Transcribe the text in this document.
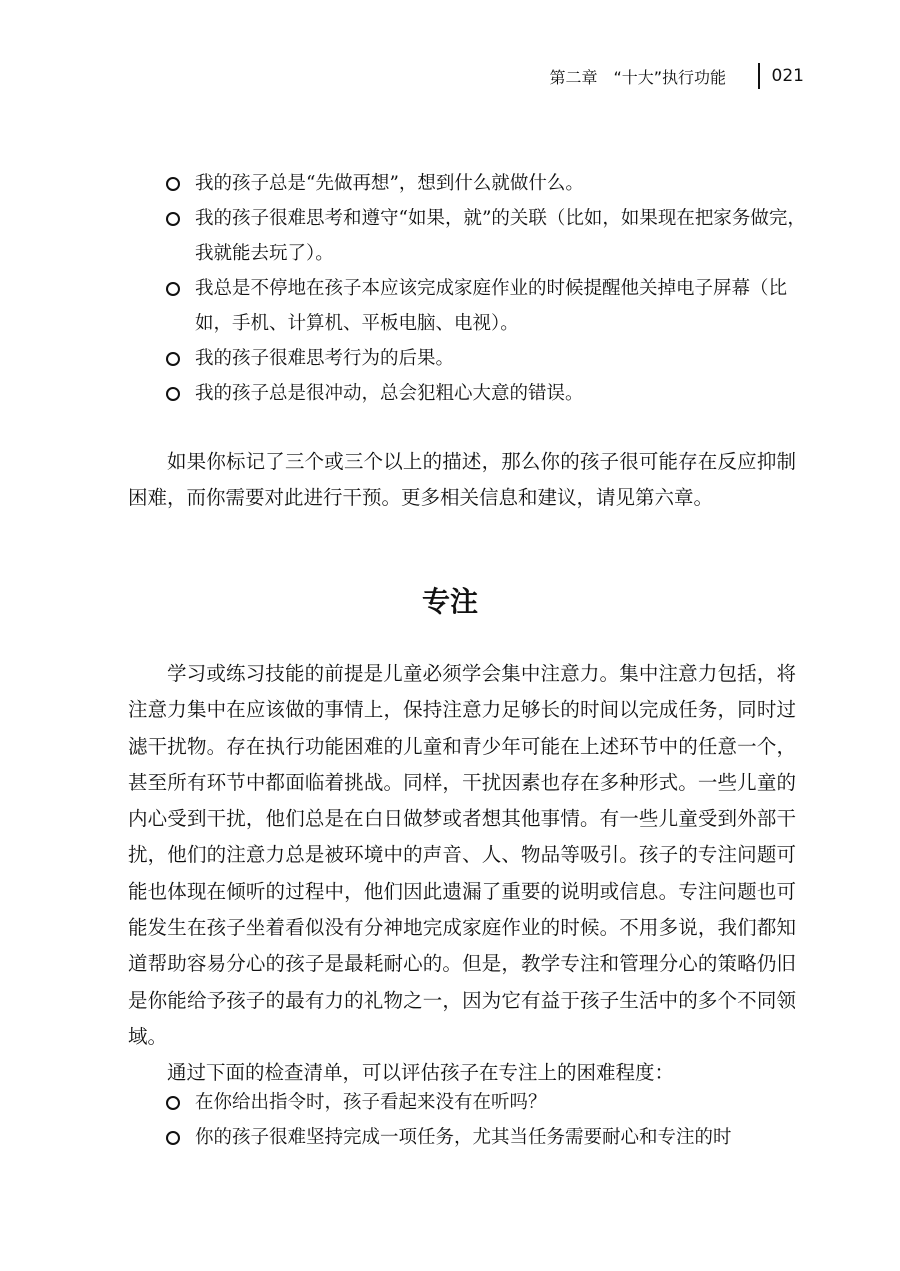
第二章　“十大”执行功能	021
我的孩子总是“先做再想”，想到什么就做什么。
我的孩子很难思考和遵守“如果，就”的关联（比如，如果现在把家务做完，我就能去玩了）。
我总是不停地在孩子本应该完成家庭作业的时候提醒他关掉电子屏幕（比如，手机、计算机、平板电脑、电视）。
我的孩子很难思考行为的后果。
我的孩子总是很冲动，总会犯粗心大意的错误。

如果你标记了三个或三个以上的描述，那么你的孩子很可能存在反应抑制困难，而你需要对此进行干预。更多相关信息和建议，请见第六章。

专注

学习或练习技能的前提是儿童必须学会集中注意力。集中注意力包括，将注意力集中在应该做的事情上，保持注意力足够长的时间以完成任务，同时过滤干扰物。存在执行功能困难的儿童和青少年可能在上述环节中的任意一个，甚至所有环节中都面临着挑战。同样，干扰因素也存在多种形式。一些儿童的内心受到干扰，他们总是在白日做梦或者想其他事情。有一些儿童受到外部干扰，他们的注意力总是被环境中的声音、人、物品等吸引。孩子的专注问题可能也体现在倾听的过程中，他们因此遗漏了重要的说明或信息。专注问题也可能发生在孩子坐着看似没有分神地完成家庭作业的时候。不用多说，我们都知道帮助容易分心的孩子是最耗耐心的。但是，教学专注和管理分心的策略仍旧是你能给予孩子的最有力的礼物之一，因为它有益于孩子生活中的多个不同领域。

通过下面的检查清单，可以评估孩子在专注上的困难程度：

在你给出指令时，孩子看起来没有在听吗？
你的孩子很难坚持完成一项任务，尤其当任务需要耐心和专注的时
